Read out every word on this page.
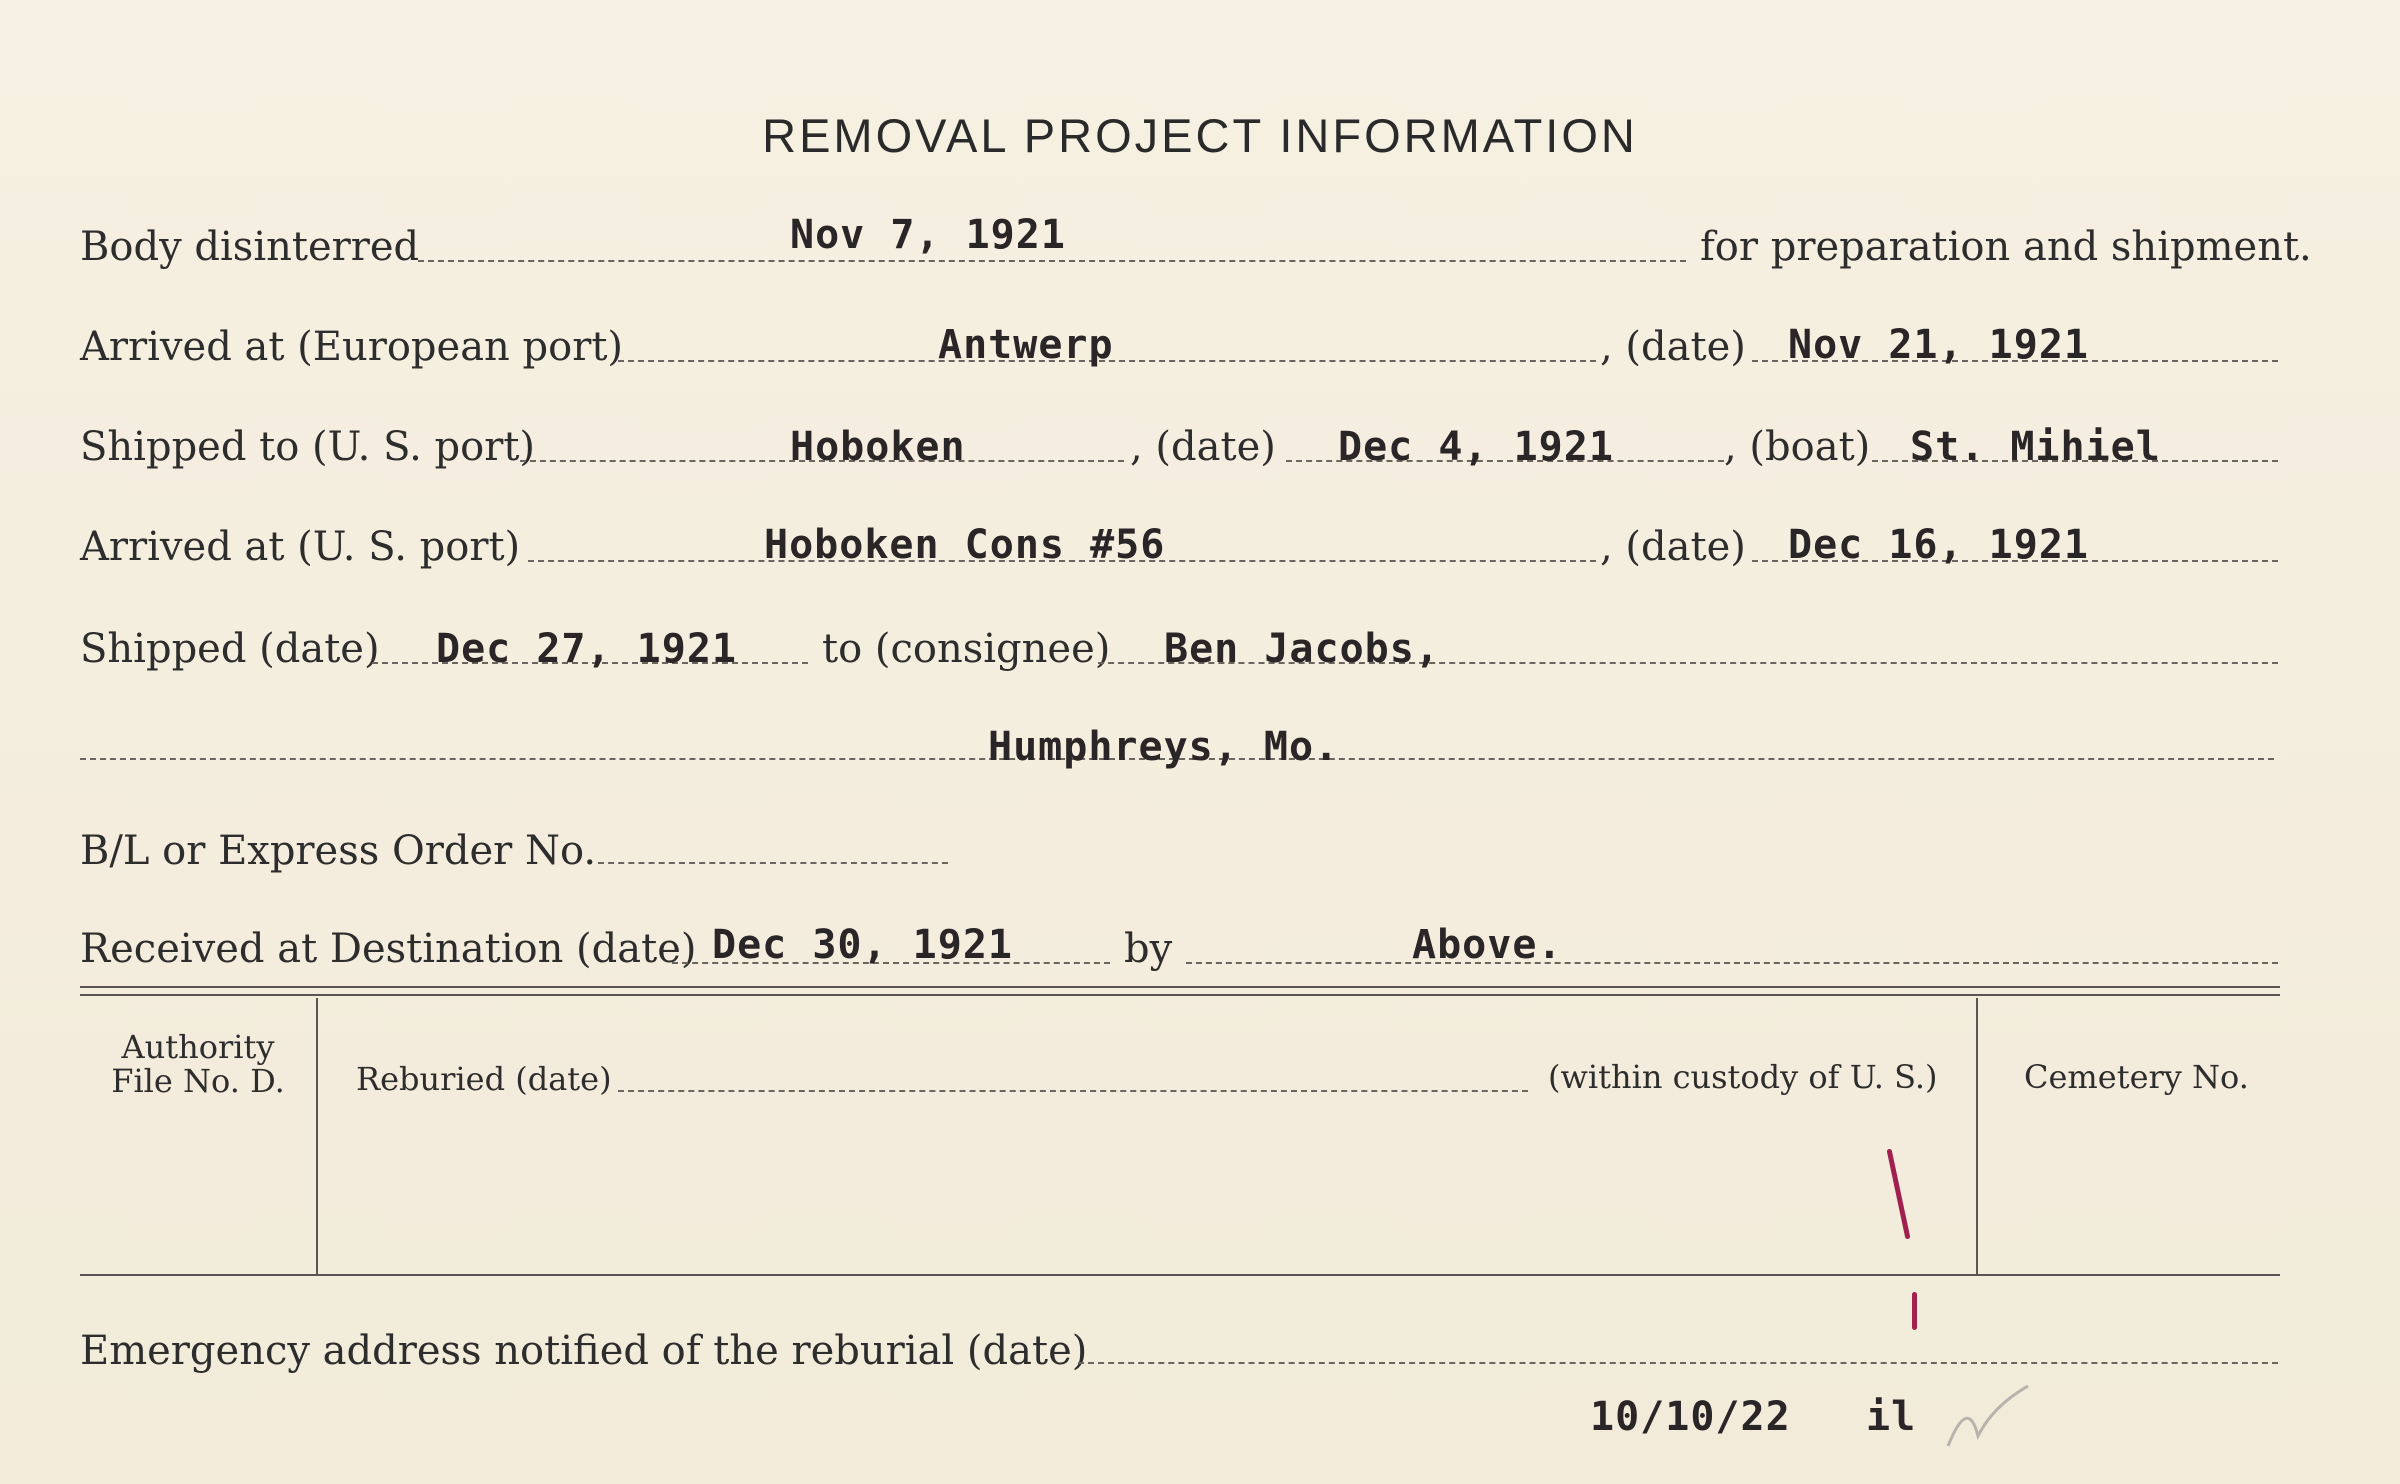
REMOVAL PROJECT INFORMATION
Body disinterred	Nov 7, 1921	for preparation and shipment.
Arrived at (European port)	Antwerp	, (date) Nov 21, 1921
Shipped to (U. S. port)	Hoboken	, (date) Dec 4, 1921	, (boat) St. Mihiel
Arrived at (U. S. port)	Hoboken Cons #56	, (date) Dec 16, 1921
Shipped (date) Dec 27, 1921 to (consignee) Ben Jacobs,
Humphreys, Mo.
B/L or Express Order No.
Received at Destination (date) Dec 30, 1921	by	Above.
Authority
File No. D.	Reburied (date)	(within custody of U. S.)	Cemetery No.
Emergency address notified of the reburial (date)
10/10/22 il
